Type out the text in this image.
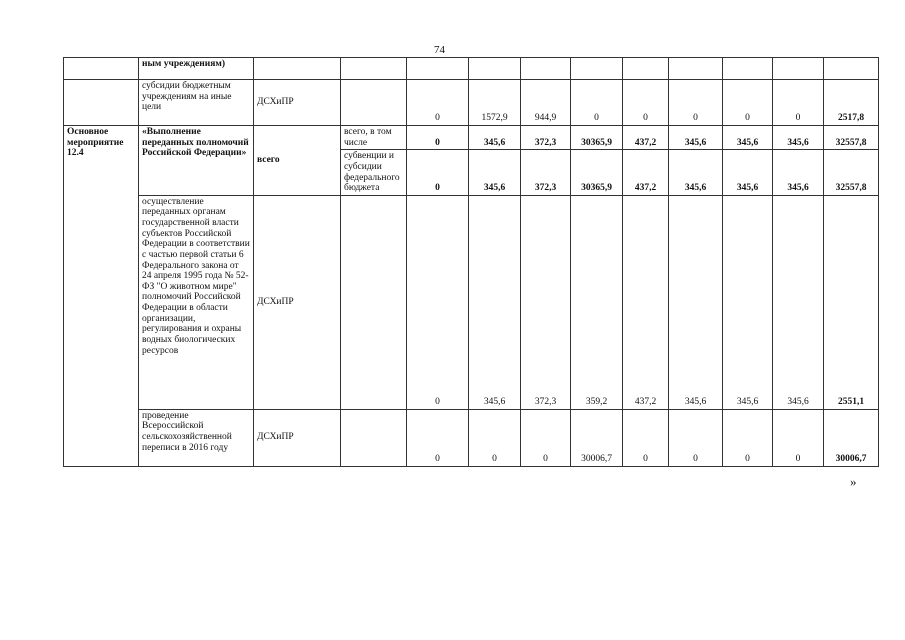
74
	ным учреждениям)											
	субсидии бюджетным учреждениям на иные цели	ДСХиПР		0	1572,9	944,9	0	0	0	0	0	2517,8
Основное мероприятие 12.4	«Выполнение переданных полномочий Российской Федерации»	всего	всего, в том числе	0	345,6	372,3	30365,9	437,2	345,6	345,6	345,6	32557,8
			субвенции и субсидии федерального бюджета	0	345,6	372,3	30365,9	437,2	345,6	345,6	345,6	32557,8
	осуществление переданных органам государственной власти субъектов Российской Федерации в соответствии с частью первой статьи 6 Федерального закона от 24 апреля 1995 года № 52-ФЗ "О животном мире" полномочий Российской Федерации в области организации, регулирования и охраны водных биологических ресурсов	ДСХиПР		0	345,6	372,3	359,2	437,2	345,6	345,6	345,6	2551,1
	проведение Всероссийской сельскохозяйственной переписи в 2016 году	ДСХиПР		0	0	0	30006,7	0	0	0	0	30006,7
»
